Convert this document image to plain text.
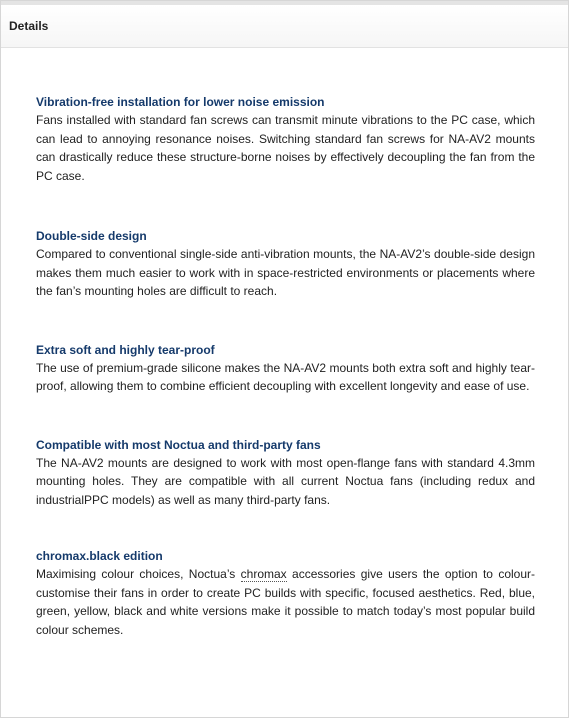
Details

Vibration-free installation for lower noise emission

Fans installed with standard fan screws can transmit minute vibrations to the PC case, which can lead to annoying resonance noises. Switching standard fan screws for NA-AV2 mounts can drastically reduce these structure-borne noises by effectively decoupling the fan from the PC case.

Double-side design

Compared to conventional single-side anti-vibration mounts, the NA-AV2’s double-side design makes them much easier to work with in space-restricted environments or placements where the fan’s mounting holes are difficult to reach.

Extra soft and highly tear-proof

The use of premium-grade silicone makes the NA-AV2 mounts both extra soft and highly tear-proof, allowing them to combine efficient decoupling with excellent longevity and ease of use.

Compatible with most Noctua and third-party fans

The NA-AV2 mounts are designed to work with most open-flange fans with standard 4.3mm mounting holes. They are compatible with all current Noctua fans (including redux and industrialPPC models) as well as many third-party fans.

chromax.black edition

Maximising colour choices, Noctua’s chromax accessories give users the option to colour-customise their fans in order to create PC builds with specific, focused aesthetics. Red, blue, green, yellow, black and white versions make it possible to match today’s most popular build colour schemes.
